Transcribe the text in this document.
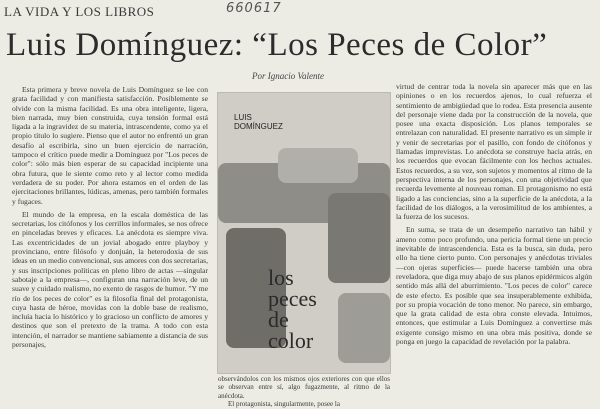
LA VIDA Y LOS LIBROS	660617
Luis Domínguez: “Los Peces de Color”
Por Ignacio Valente

Esta primera y breve novela de Luis Domínguez se lee con grata facilidad y con manifiesta satisfacción. Posiblemente se olvide con la misma facilidad. Es una obra inteligente, ligera, bien narrada, muy bien construida, cuya tensión formal está ligada a la ingravidez de su materia, intrascendente, como ya el propio título lo sugiere. Pienso que el autor no enfrentó un gran desafío al escribirla, sino un buen ejercicio de narración, tampoco el crítico puede medir a Domínguez por "Los peces de color": sólo más bien esperar de su capacidad incipiente una obra futura, que le siente como reto y al lector como medida verdadera de su poder. Por ahora estamos en el orden de las ejercitaciones brillantes, lúdicas, amenas, pero también formales y fugaces.

El mundo de la empresa, en la escala doméstica de las secretarias, los citófonos y los cerrillos informales, se nos ofrece en pinceladas breves y eficaces. La anécdota es siempre viva. Las excentricidades de un jovial abogado entre playboy y provinciano, entre filósofo y donjuán, la heterodoxia de sus ideas en un medio convencional, sus amores con dos secretarias, y sus inscripciones políticas en pleno libro de actas —singular sabotaje a la empresa—, configuran una narración leve, de un suave y cuidado realismo, no exento de rasgos de humor. "Y me río de los peces de color" es la filosofía final del protagonista, cuya hasta de héroe, movidas con la doble base de realismo, incluía hacia lo histórico y lo gracioso un conflicto de amores y destinos que son el pretexto de la trama. A todo con esta intención, el narrador se mantiene sabiamente a distancia de sus personajes,

LUIS
DOMÍNGUEZ
los
peces
de
color

observándolos con los mismos ojos exteriores con que ellos se observan entre sí, algo fugazmente, al ritmo de la anécdota.

El protagonista, singularmente, posee la

virtud de centrar toda la novela sin aparecer más que en las opiniones o en los recuerdos ajenos, lo cual refuerza el sentimiento de ambigüedad que lo rodea. Esta presencia ausente del personaje viene dada por la construcción de la novela, que posee una exacta disposición. Los planos temporales se entrelazan con naturalidad. El presente narrativo es un simple ir y venir de secretarias por el pasillo, con fondo de citófonos y llamadas imprevistas. Lo anécdota se construye hacia atrás, en los recuerdos que evocan fácilmente con los hechos actuales. Estos recuerdos, a su vez, son sujetos y momentos al ritmo de la perspectiva interna de los personajes, con una objetividad que recuerda levemente al nouveau roman. El protagonismo no está ligado a las conciencias, sino a la superficie de la anécdota, a la facilidad de los diálogos, a la verosimilitud de los ambientes, a la fuerza de los sucesos.

En suma, se trata de un desempeño narrativo tan hábil y ameno como poco profundo, una pericia formal tiene un precio inevitable de intrascendencia. Esta es la busca, sin duda, pero ello ha tiene cierto punto. Con personajes y anécdotas triviales —con ojeras superficies— puede hacerse también una obra reveladora, que diga muy abajo de sus planos epidérmicos algún sentido más allá del aburrimiento. "Los peces de color" carece de este efecto. Es posible que sea insuperablemente exhibida, por su propia vocación de tono menor. No parece, sin embargo, que la grata calidad de esta obra conste elevada. Intuimos, entonces, que estimular a Luis Domínguez a convertirse más exigente consigo mismo en una obra más positiva, donde se ponga en juego la capacidad de revelación por la palabra.
